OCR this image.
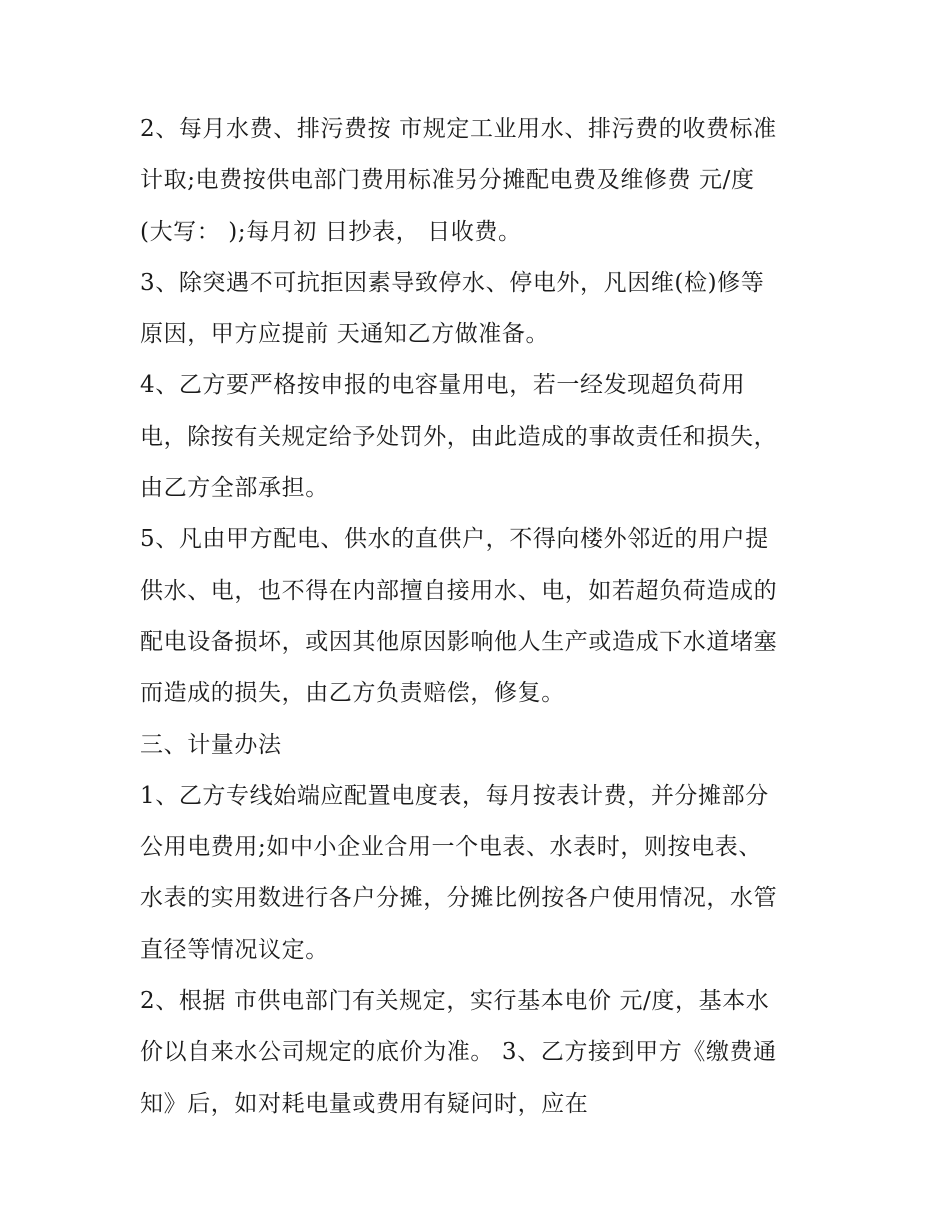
2、每月水费、排污费按 市规定工业用水、排污费的收费标准
计取;电费按供电部门费用标准另分摊配电费及维修费 元/度
(大写： );每月初 日抄表， 日收费。
3、除突遇不可抗拒因素导致停水、停电外，凡因维(检)修等
原因，甲方应提前 天通知乙方做准备。
4、乙方要严格按申报的电容量用电，若一经发现超负荷用
电，除按有关规定给予处罚外，由此造成的事故责任和损失，
由乙方全部承担。
5、凡由甲方配电、供水的直供户，不得向楼外邻近的用户提
供水、电，也不得在内部擅自接用水、电，如若超负荷造成的
配电设备损坏，或因其他原因影响他人生产或造成下水道堵塞
而造成的损失，由乙方负责赔偿，修复。
三、计量办法
1、乙方专线始端应配置电度表，每月按表计费，并分摊部分
公用电费用;如中小企业合用一个电表、水表时，则按电表、
水表的实用数进行各户分摊，分摊比例按各户使用情况，水管
直径等情况议定。
2、根据 市供电部门有关规定，实行基本电价 元/度，基本水
价以自来水公司规定的底价为准。 3、乙方接到甲方《缴费通
知》后，如对耗电量或费用有疑问时，应在
